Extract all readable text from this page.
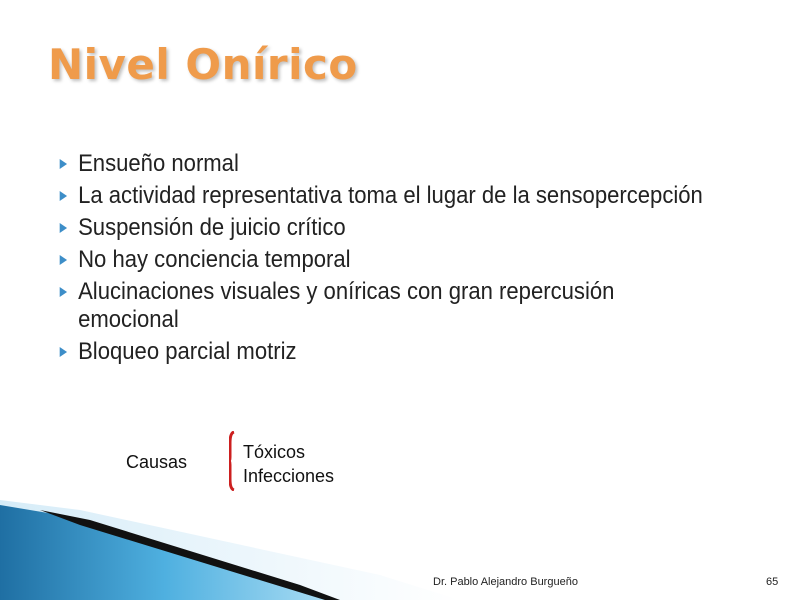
Nivel Onírico
Ensueño normal
La actividad representativa toma el lugar de la sensopercepción
Suspensión de juicio crítico
No hay conciencia temporal
Alucinaciones visuales y oníricas con gran repercusión emocional
Bloqueo parcial motriz
Causas	Tóxicos
Infecciones
Dr. Pablo Alejandro Burgueño	65
